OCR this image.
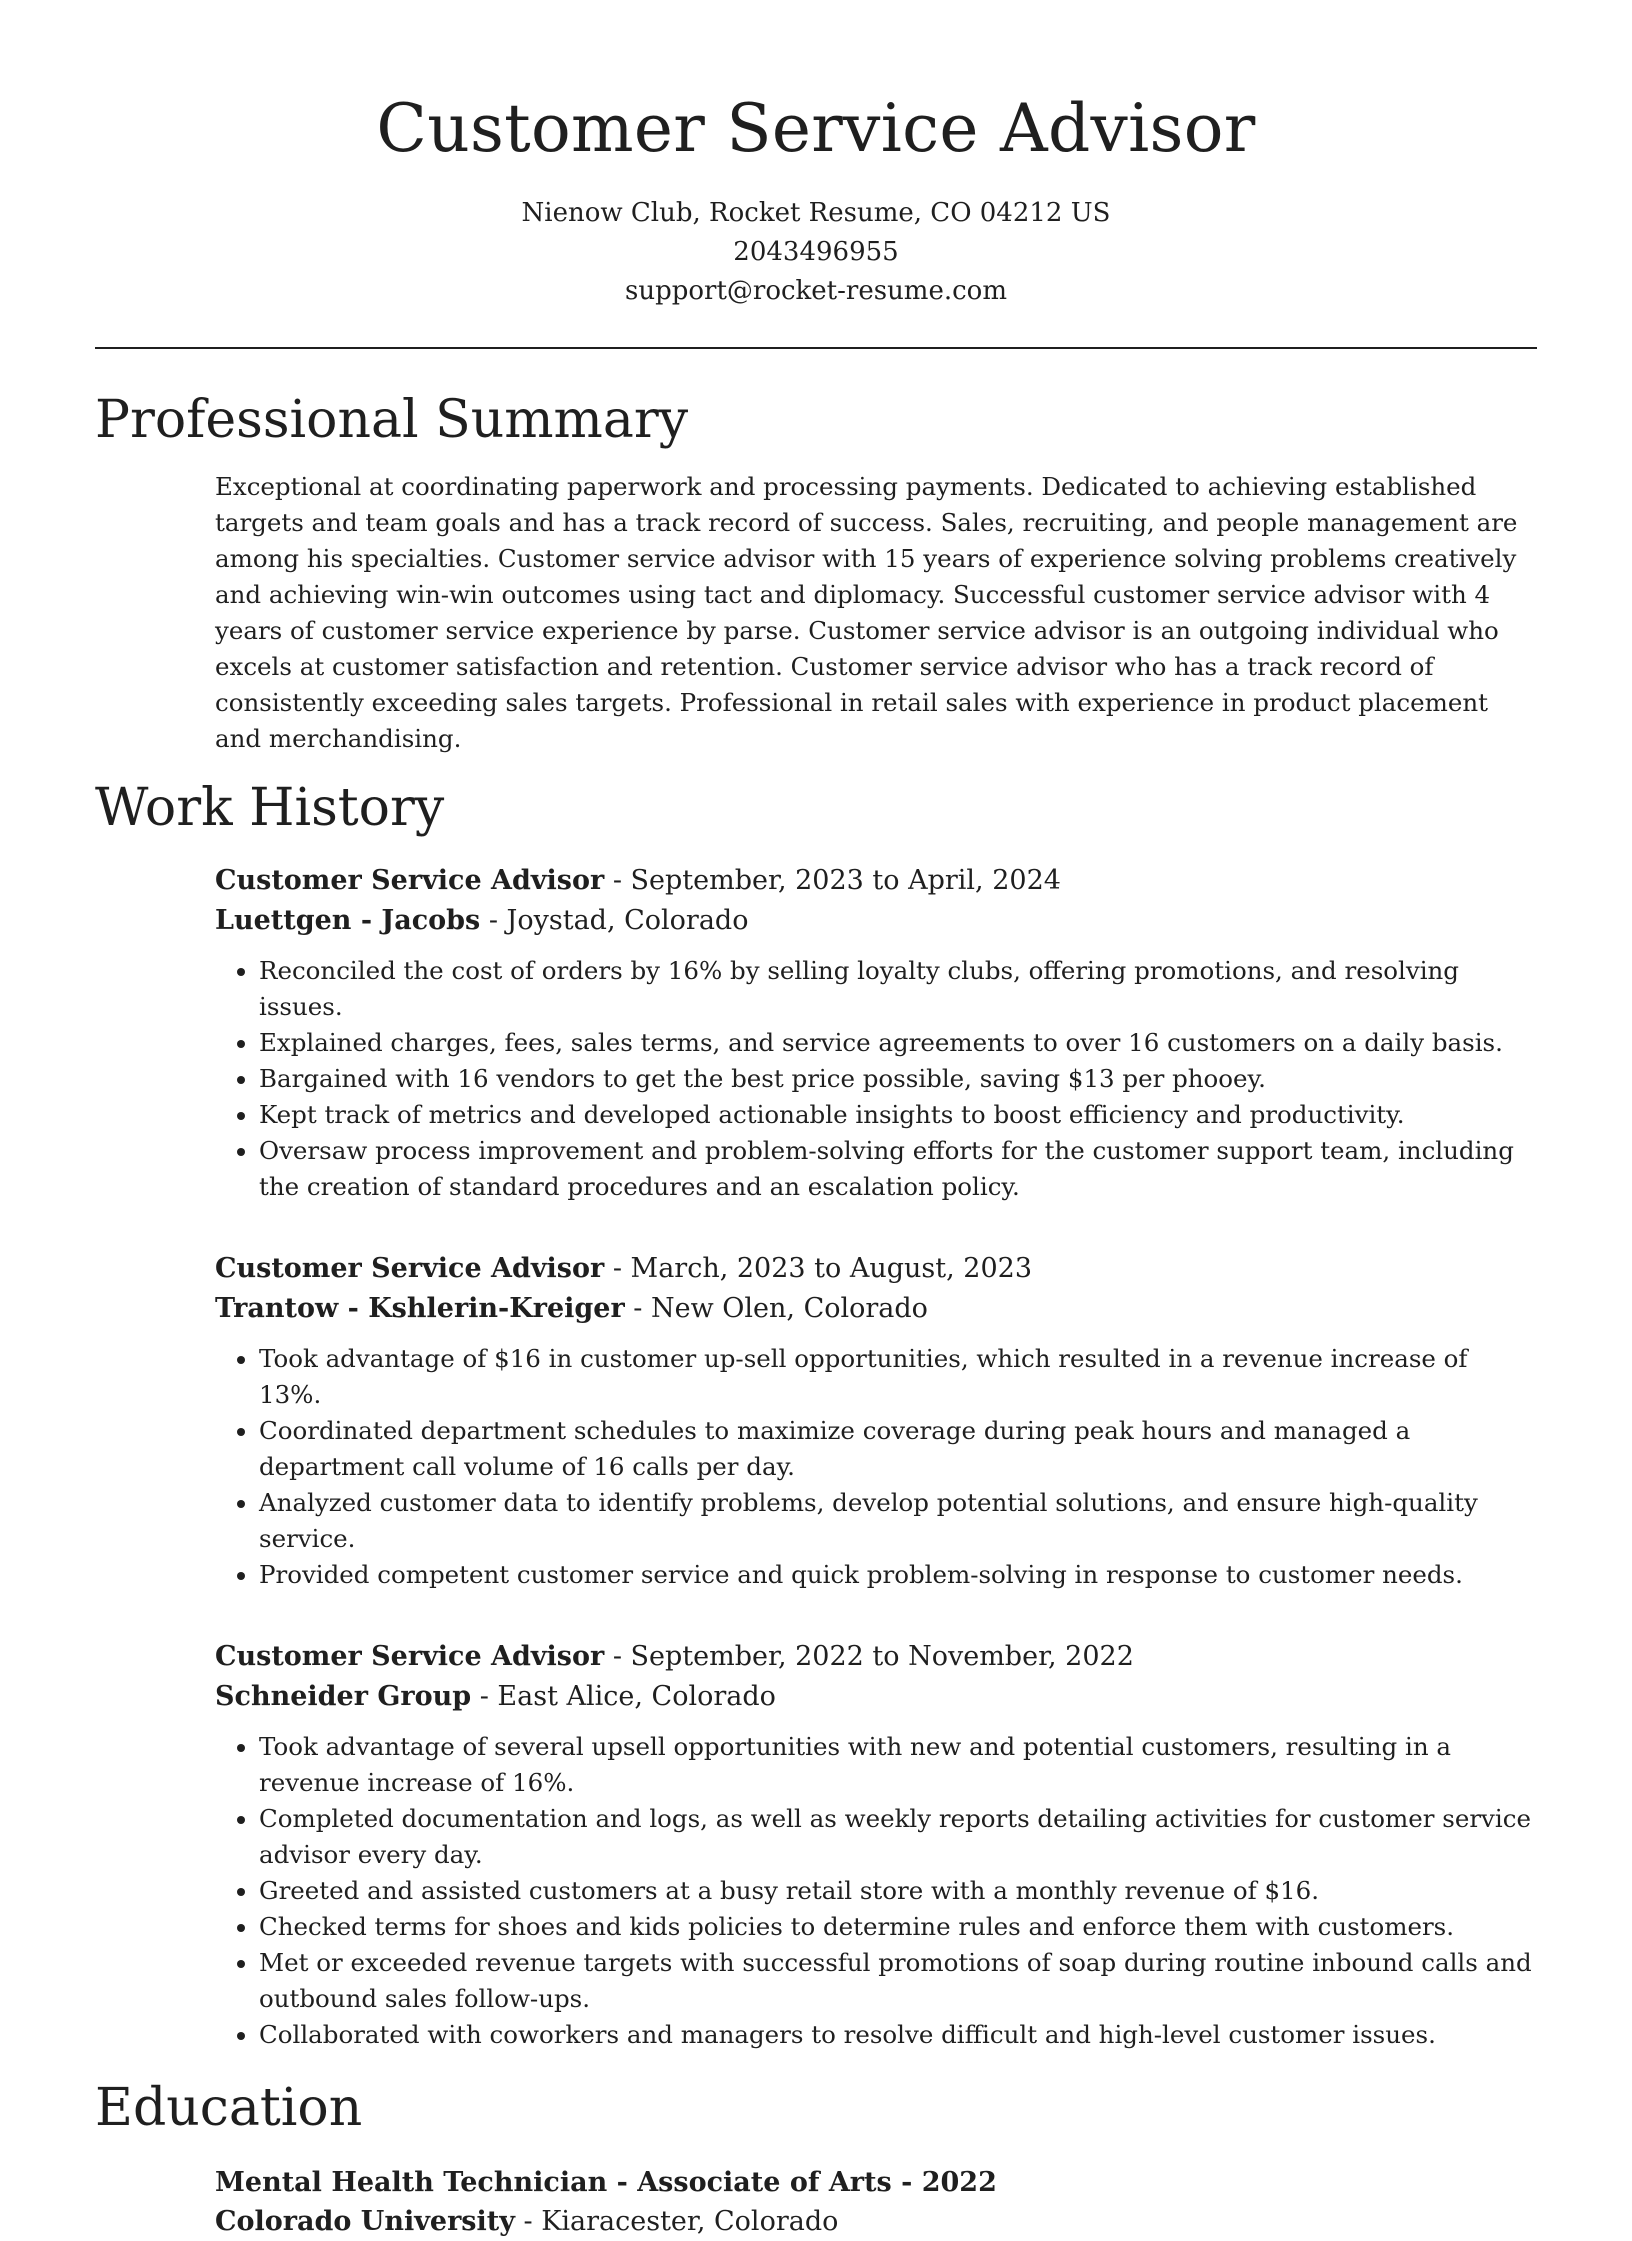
Customer Service Advisor

Nienow Club, Rocket Resume, CO 04212 US

2043496955

support@rocket-resume.com

Professional Summary

Exceptional at coordinating paperwork and processing payments. Dedicated to achieving established targets and team goals and has a track record of success. Sales, recruiting, and people management are among his specialties. Customer service advisor with 15 years of experience solving problems creatively and achieving win-win outcomes using tact and diplomacy. Successful customer service advisor with 4 years of customer service experience by parse. Customer service advisor is an outgoing individual who excels at customer satisfaction and retention. Customer service advisor who has a track record of consistently exceeding sales targets. Professional in retail sales with experience in product placement and merchandising.

Work History

Customer Service Advisor - September, 2023 to April, 2024

Luettgen - Jacobs - Joystad, Colorado

• Reconciled the cost of orders by 16% by selling loyalty clubs, offering promotions, and resolving issues.
• Explained charges, fees, sales terms, and service agreements to over 16 customers on a daily basis.
• Bargained with 16 vendors to get the best price possible, saving $13 per phooey.
• Kept track of metrics and developed actionable insights to boost efficiency and productivity.
• Oversaw process improvement and problem-solving efforts for the customer support team, including the creation of standard procedures and an escalation policy.

Customer Service Advisor - March, 2023 to August, 2023

Trantow - Kshlerin-Kreiger - New Olen, Colorado

• Took advantage of $16 in customer up-sell opportunities, which resulted in a revenue increase of 13%.
• Coordinated department schedules to maximize coverage during peak hours and managed a department call volume of 16 calls per day.
• Analyzed customer data to identify problems, develop potential solutions, and ensure high-quality service.
• Provided competent customer service and quick problem-solving in response to customer needs.

Customer Service Advisor - September, 2022 to November, 2022

Schneider Group - East Alice, Colorado

• Took advantage of several upsell opportunities with new and potential customers, resulting in a revenue increase of 16%.
• Completed documentation and logs, as well as weekly reports detailing activities for customer service advisor every day.
• Greeted and assisted customers at a busy retail store with a monthly revenue of $16.
• Checked terms for shoes and kids policies to determine rules and enforce them with customers.
• Met or exceeded revenue targets with successful promotions of soap during routine inbound calls and outbound sales follow-ups.
• Collaborated with coworkers and managers to resolve difficult and high-level customer issues.
Education

Mental Health Technician - Associate of Arts - 2022

Colorado University - Kiaracester, Colorado
